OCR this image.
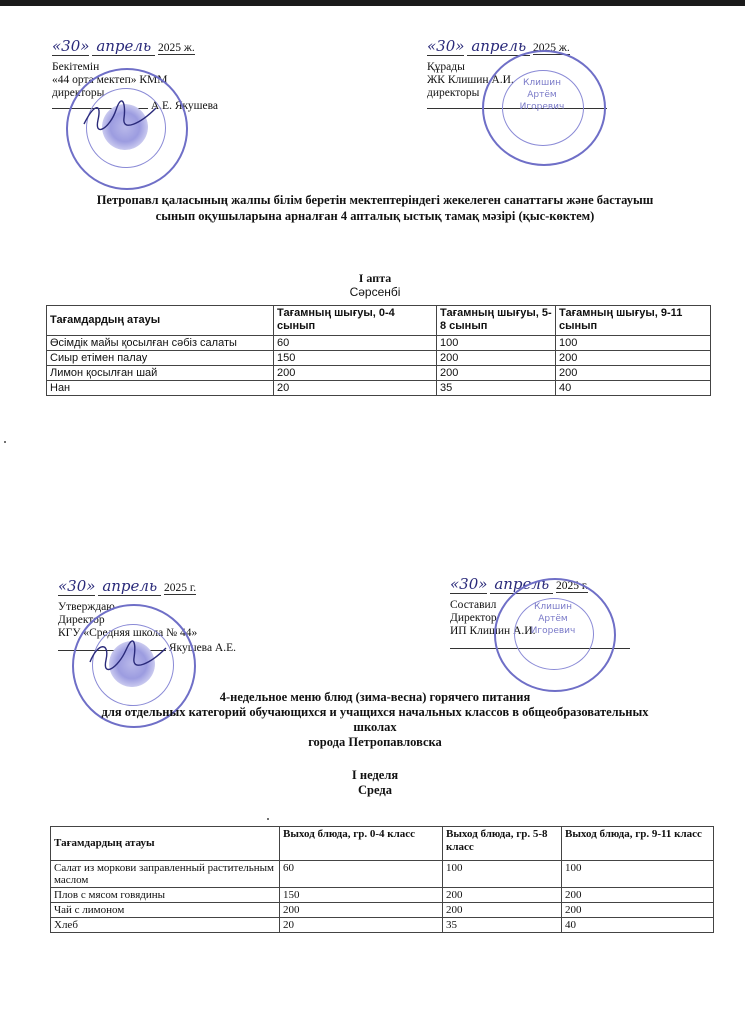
«30» апрель 2025 ж.
Бекітемін
«44 орта мектеп» КММ
директоры
А.Е. Якушева
«30» апрель 2025 ж.
Құрады
ЖК Клишин А.И.
директоры
Клишин
Артём
Игоревич
Петропавл қаласының жалпы білім беретін мектептеріндегі жекелеген санаттағы және бастауыш
сынып оқушыларына арналған 4 апталық ыстық тамақ мәзірі (қыс-көктем)
I апта
Сәрсенбі
Тағамдардың атауы	Тағамның шығуы, 0-4 сынып	Тағамның шығуы, 5-8 сынып	Тағамның шығуы, 9-11 сынып
Өсімдік майы қосылған сәбіз салаты	60	100	100
Сиыр етімен палау	150	200	200
Лимон қосылған шай	200	200	200
Нан	20	35	40
«30» апрель 2025 г.
Утверждаю
Директор
КГУ «Средняя школа № 44»
Якушева А.Е.
«30» апрель 2025 г.
Составил
Директор
ИП Клишин А.И.
Клишин
Артём
Игоревич
4-недельное меню блюд (зима-весна) горячего питания
для отдельных категорий обучающихся и учащихся начальных классов в общеобразовательных
школах
города Петропавловска
I неделя
Среда
Тағамдардың атауы	Выход блюда, гр. 0-4 класс	Выход блюда, гр. 5-8 класс	Выход блюда, гр. 9-11 класс
Салат из моркови заправленный растительным маслом	60	100	100
Плов с мясом говядины	150	200	200
Чай с лимоном	200	200	200
Хлеб	20	35	40
